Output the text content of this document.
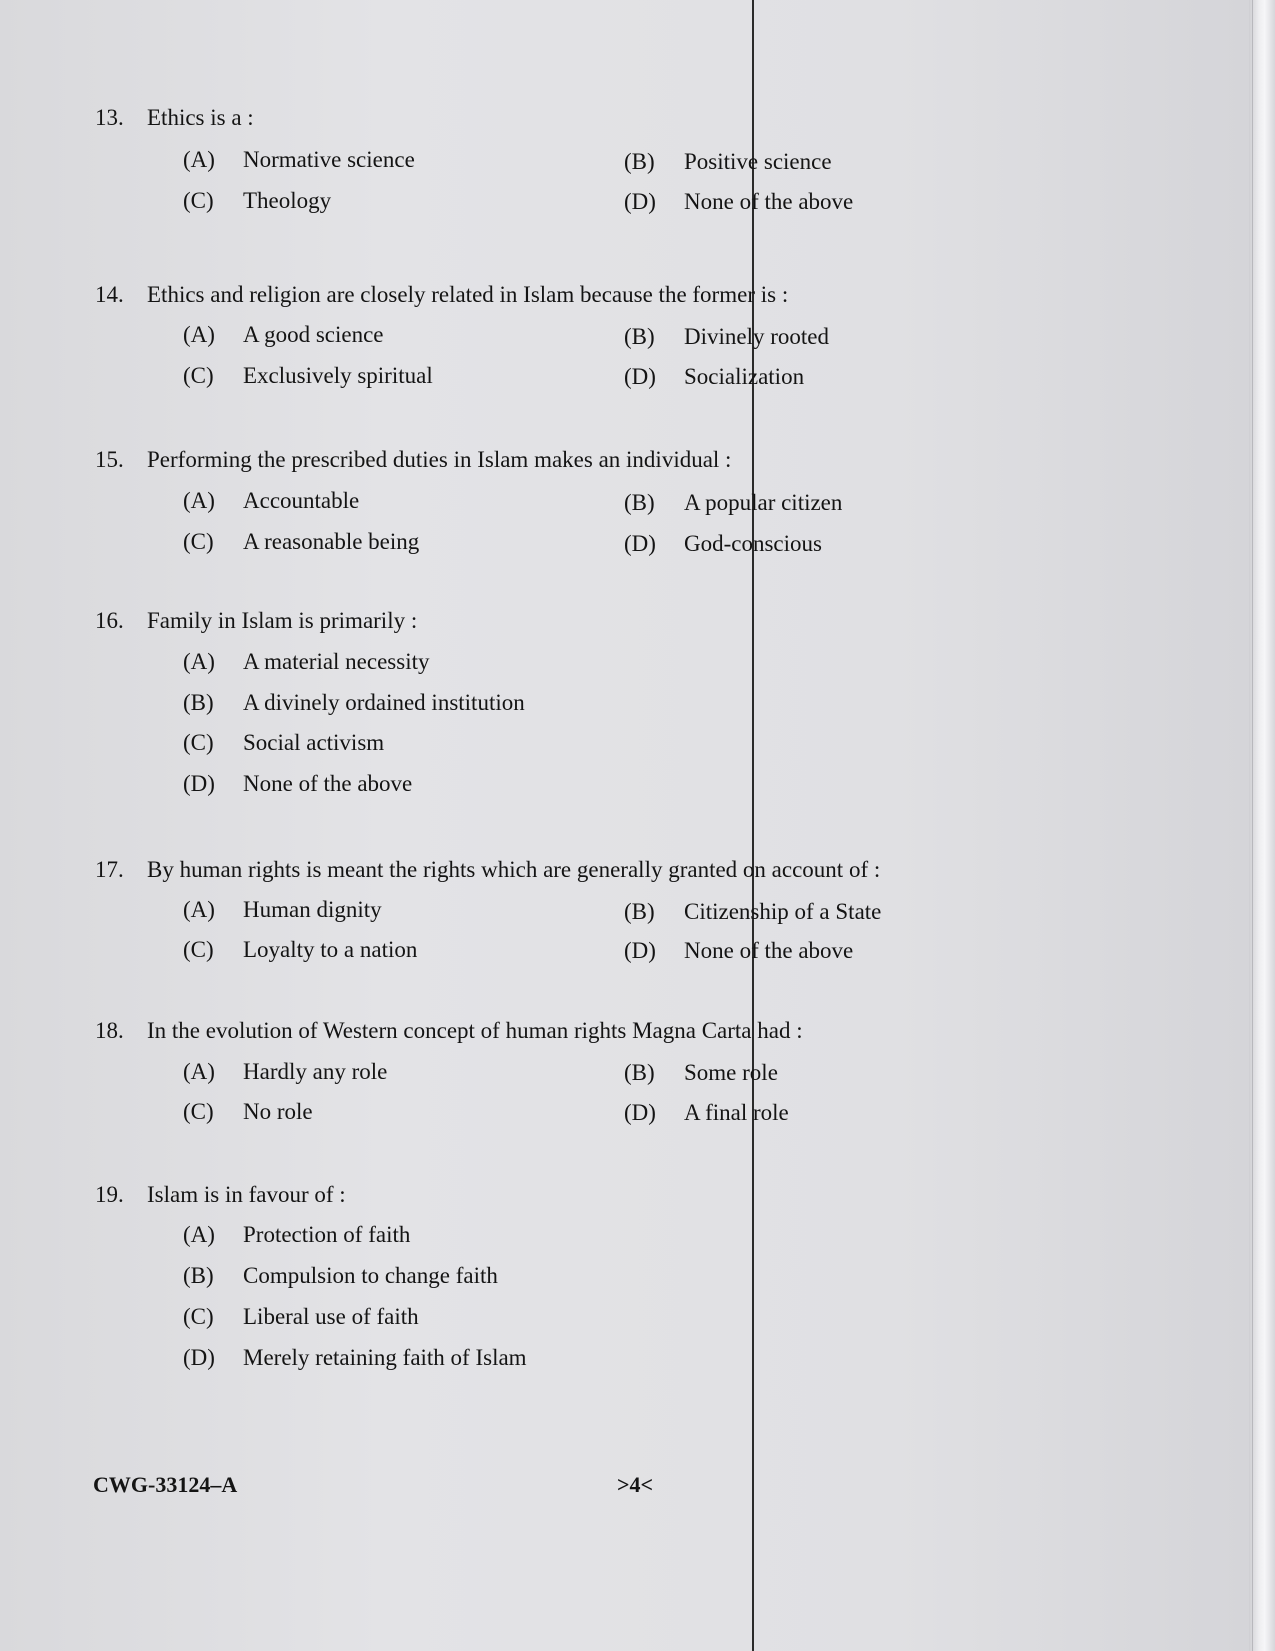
13. Ethics is a :
(A) Normative science	(B) Positive science
(C) Theology	(D) None of the above
14. Ethics and religion are closely related in Islam because the former is :
(A) A good science	(B) Divinely rooted
(C) Exclusively spiritual	(D) Socialization
15. Performing the prescribed duties in Islam makes an individual :
(A) Accountable	(B) A popular citizen
(C) A reasonable being	(D) God-conscious
16. Family in Islam is primarily :
(A) A material necessity
(B) A divinely ordained institution
(C) Social activism
(D) None of the above
17. By human rights is meant the rights which are generally granted on account of :
(A) Human dignity	(B) Citizenship of a State
(C) Loyalty to a nation	(D) None of the above
18. In the evolution of Western concept of human rights Magna Carta had :
(A) Hardly any role	(B) Some role
(C) No role	(D) A final role
19. Islam is in favour of :
(A) Protection of faith
(B) Compulsion to change faith
(C) Liberal use of faith
(D) Merely retaining faith of Islam
CWG-33124–A	>4<
